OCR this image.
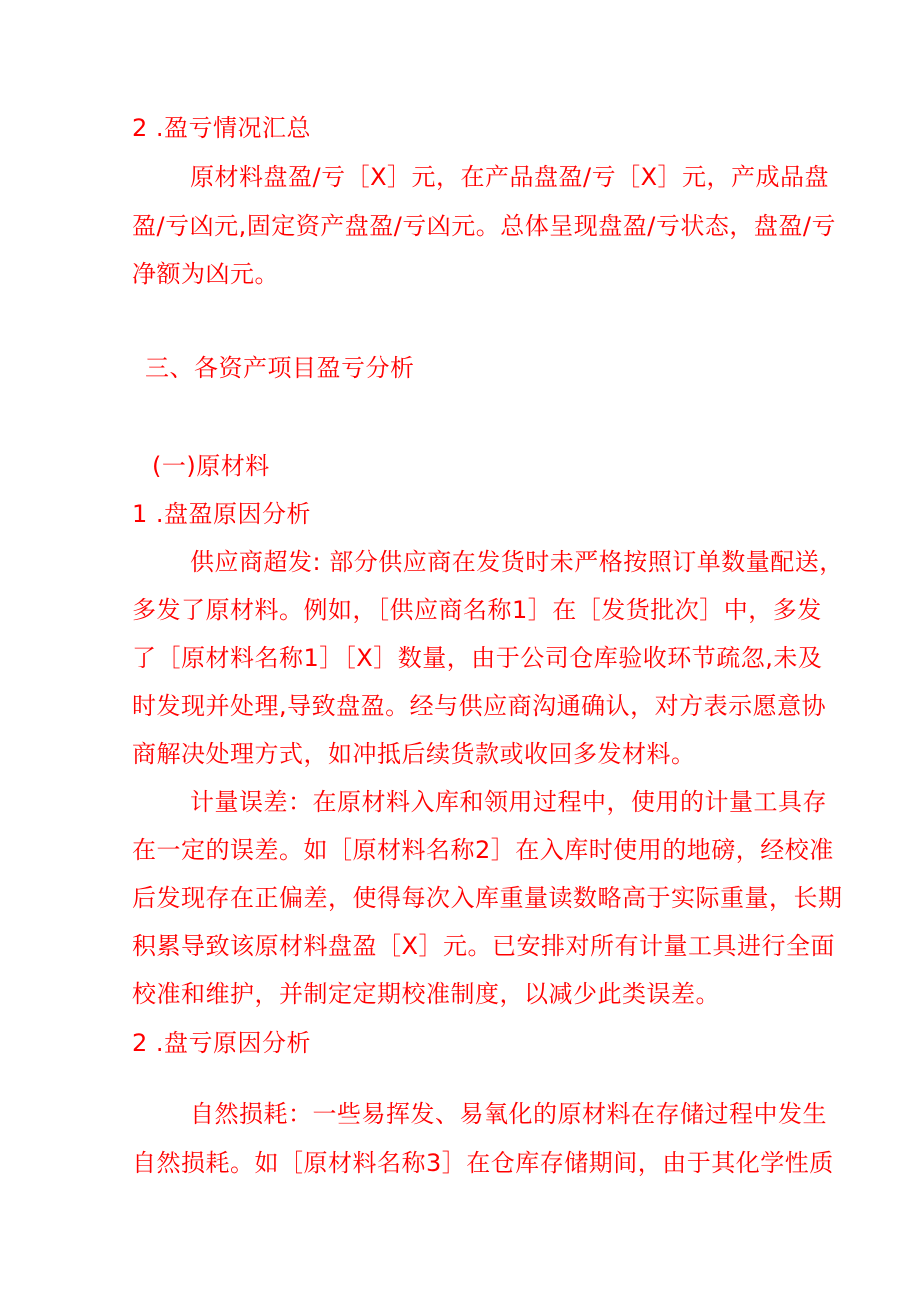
2 .盈亏情况汇总
原材料盘盈/亏［X］元，在产品盘盈/亏［X］元，产成品盘
盈/亏凶元,固定资产盘盈/亏凶元。总体呈现盘盈/亏状态，盘盈/亏
净额为凶元。
三、各资产项目盈亏分析
(一)原材料
1 .盘盈原因分析
供应商超发: 部分供应商在发货时未严格按照订单数量配送，
多发了原材料。例如，［供应商名称1］在［发货批次］中，多发
了［原材料名称1］［X］数量，由于公司仓库验收环节疏忽,未及
时发现并处理,导致盘盈。经与供应商沟通确认，对方表示愿意协
商解决处理方式，如冲抵后续货款或收回多发材料。
计量误差：在原材料入库和领用过程中，使用的计量工具存
在一定的误差。如［原材料名称2］在入库时使用的地磅，经校准
后发现存在正偏差，使得每次入库重量读数略高于实际重量，长期
积累导致该原材料盘盈［X］元。已安排对所有计量工具进行全面
校准和维护，并制定定期校准制度，以减少此类误差。
2 .盘亏原因分析
自然损耗：一些易挥发、易氧化的原材料在存储过程中发生
自然损耗。如［原材料名称3］在仓库存储期间，由于其化学性质
